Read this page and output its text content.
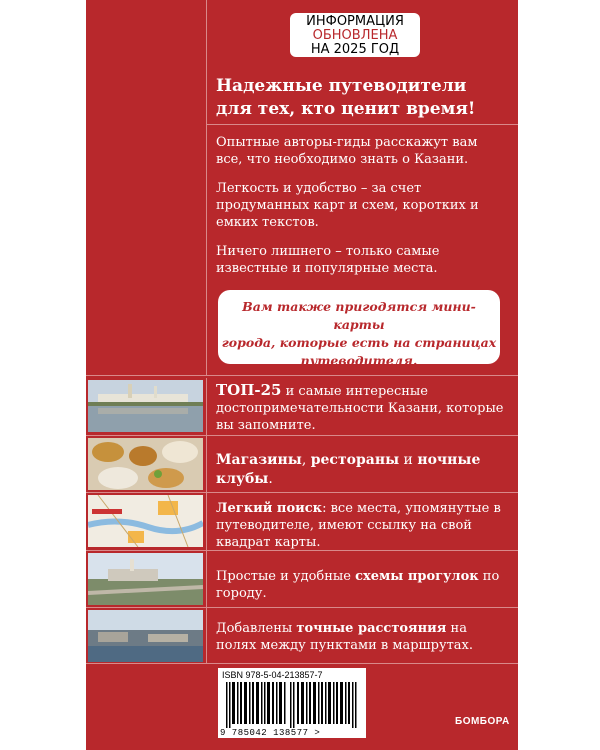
ИНФОРМАЦИЯ
ОБНОВЛЕНА
НА 2025 ГОД
Надежные путеводители
для тех, кто ценит время!
Опытные авторы-гиды расскажут вам все, что необходимо знать о Казани.
Легкость и удобство – за счет продуманных карт и схем, коротких и емких текстов.
Ничего лишнего – только самые известные и популярные места.
Вам также пригодятся мини-карты
города, которые есть на страницах
путеводителя.
ТОП-25 и самые интересные достопримечательности Казани, которые вы запомните.
Магазины, рестораны и ночные клубы.
Легкий поиск: все места, упомянутые в путеводителе, имеют ссылку на свой квадрат карты.
Простые и удобные схемы прогулок по городу.
Добавлены точные расстояния на полях между пунктами в маршрутах.
ISBN 978-5-04-213857-7
9 785042 138577 >
БОМБОРА
